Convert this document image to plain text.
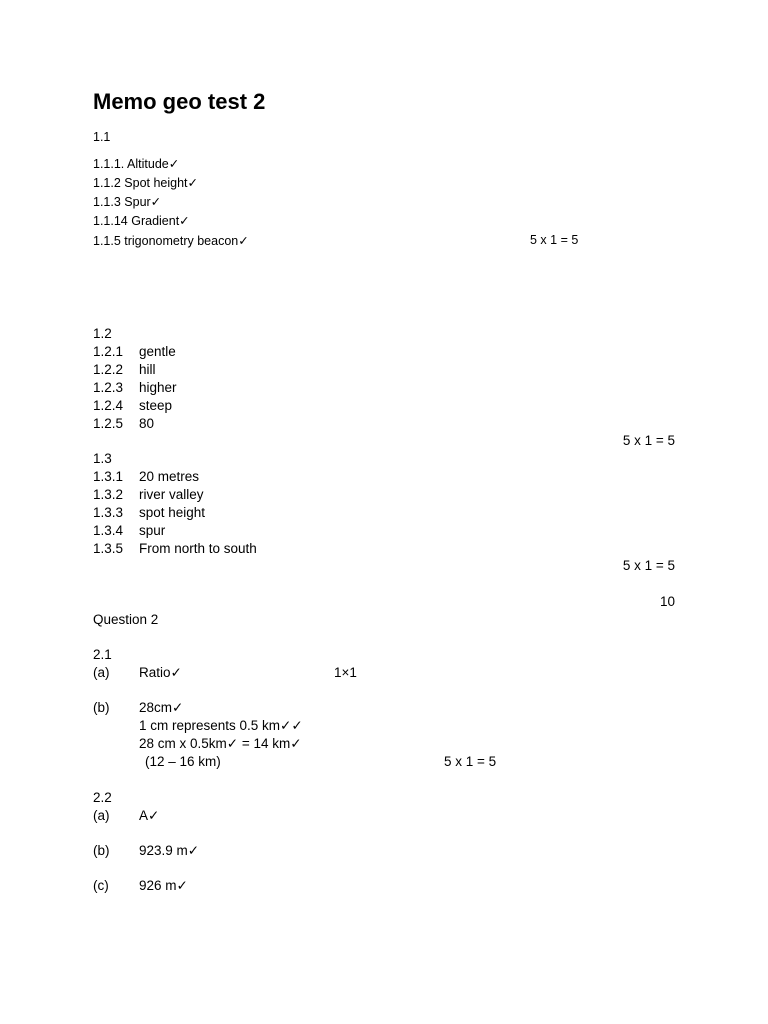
Memo geo test 2
1.1
1.1.1. Altitude✓
1.1.2 Spot height✓
1.1.3 Spur✓
1.1.14 Gradient✓
1.1.5 trigonometry beacon✓	5 x 1 = 5
1.2
1.2.1 gentle
1.2.2 hill
1.2.3 higher
1.2.4 steep
1.2.5 80
5 x 1 = 5
1.3
1.3.1 20 metres
1.3.2 river valley
1.3.3 spot height
1.3.4 spur
1.3.5 From north to south
5 x 1 = 5
10
Question 2
2.1
(a) Ratio✓	1×1
(b) 28cm✓
1 cm represents 0.5 km✓✓
28 cm x 0.5km✓ = 14 km✓
(12 – 16 km)	5 x 1 = 5
2.2
(a) A✓
(b) 923.9 m✓
(c) 926 m✓
